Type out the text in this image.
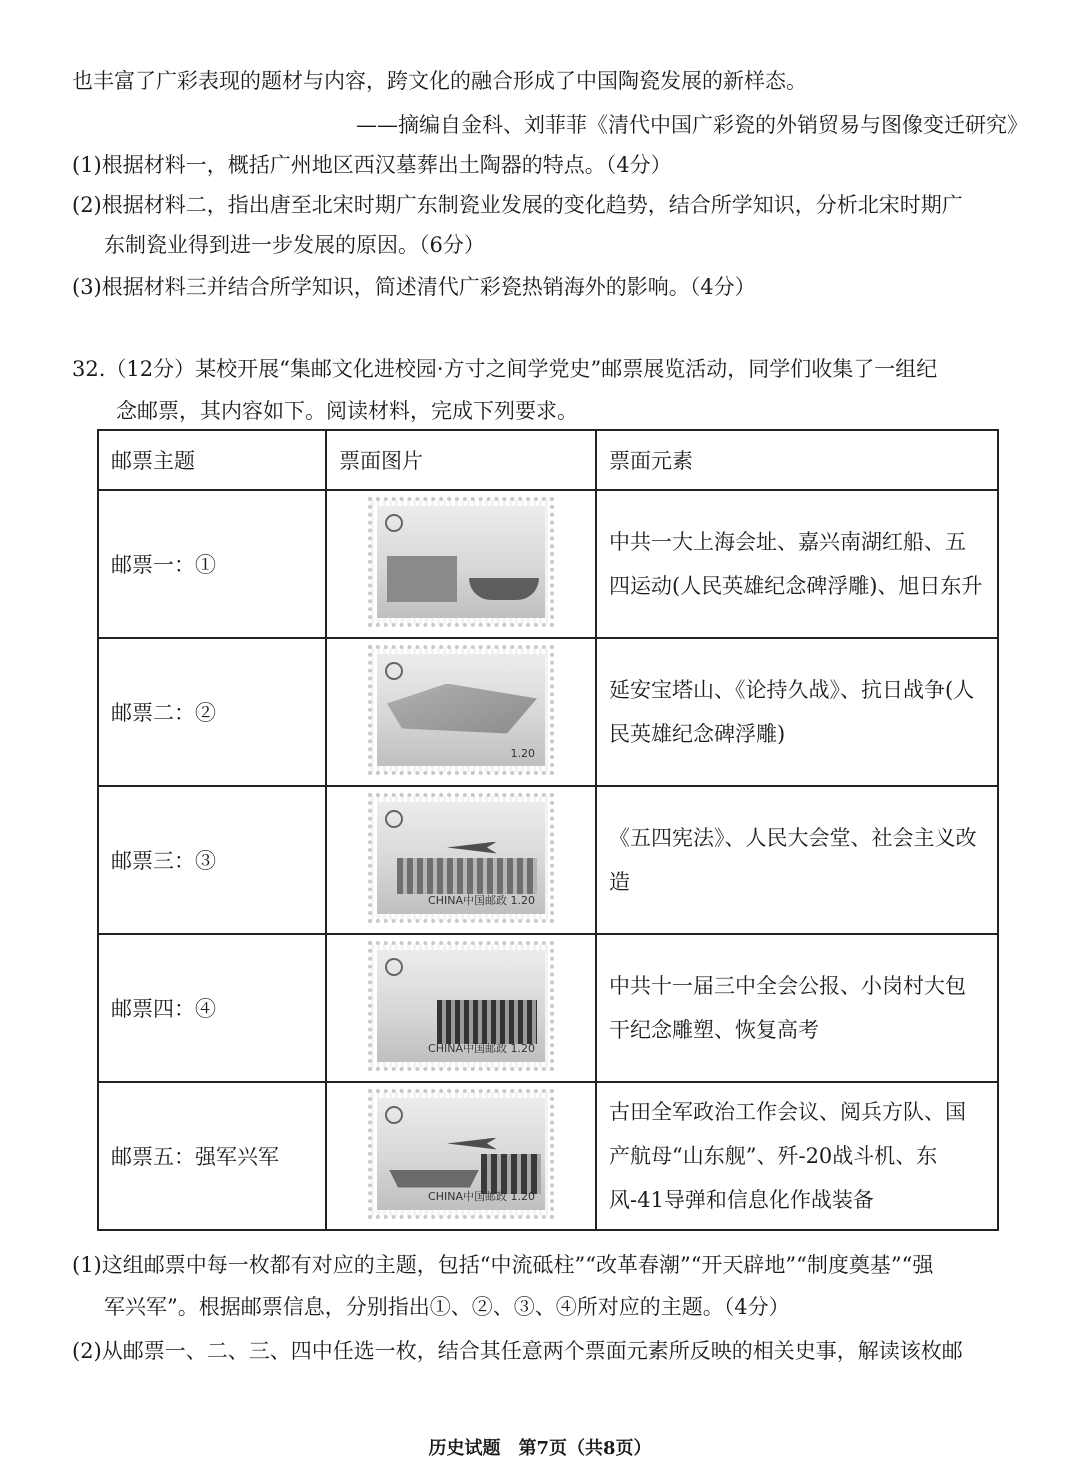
也丰富了广彩表现的题材与内容，跨文化的融合形成了中国陶瓷发展的新样态。
——摘编自金科、刘菲菲《清代中国广彩瓷的外销贸易与图像变迁研究》
(1)根据材料一，概括广州地区西汉墓葬出土陶器的特点。（4分）
(2)根据材料二，指出唐至北宋时期广东制瓷业发展的变化趋势，结合所学知识，分析北宋时期广
东制瓷业得到进一步发展的原因。（6分）
(3)根据材料三并结合所学知识，简述清代广彩瓷热销海外的影响。（4分）
32.（12分）某校开展“集邮文化进校园·方寸之间学党史”邮票展览活动，同学们收集了一组纪
念邮票，其内容如下。阅读材料，完成下列要求。
邮票主题	票面图片	票面元素
邮票一：①		中共一大上海会址、嘉兴南湖红船、五四运动(人民英雄纪念碑浮雕)、旭日东升
邮票二：②	1.20	延安宝塔山、《论持久战》、抗日战争(人民英雄纪念碑浮雕)
邮票三：③	CHINA中国邮政 1.20	《五四宪法》、人民大会堂、社会主义改造
邮票四：④	CHINA中国邮政 1.20	中共十一届三中全会公报、小岗村大包干纪念雕塑、恢复高考
邮票五：强军兴军	CHINA中国邮政 1.20	古田全军政治工作会议、阅兵方队、国产航母“山东舰”、歼-20战斗机、东风-41导弹和信息化作战装备
(1)这组邮票中每一枚都有对应的主题，包括“中流砥柱”“改革春潮”“开天辟地”“制度奠基”“强
军兴军”。根据邮票信息，分别指出①、②、③、④所对应的主题。（4分）
(2)从邮票一、二、三、四中任选一枚，结合其任意两个票面元素所反映的相关史事，解读该枚邮
历史试题　第7页（共8页）
